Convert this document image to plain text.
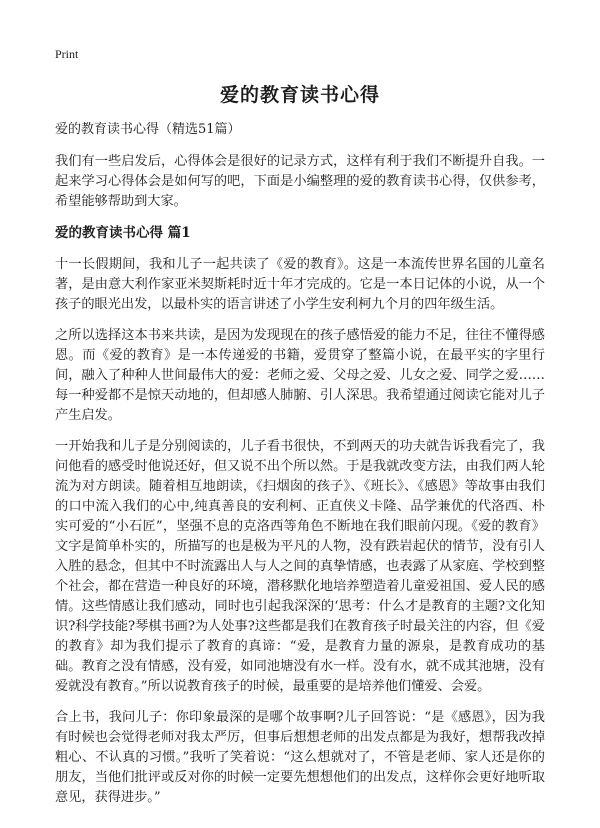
Print
爱的教育读书心得
爱的教育读书心得（精选51篇）

我们有一些启发后，心得体会是很好的记录方式，这样有利于我们不断提升自我。一起来学习心得体会是如何写的吧，下面是小编整理的爱的教育读书心得，仅供参考，希望能够帮助到大家。

爱的教育读书心得 篇1

十一长假期间，我和儿子一起共读了《爱的教育》。这是一本流传世界名国的儿童名著，是由意大利作家亚米契斯耗时近十年才完成的。它是一本日记体的小说，从一个孩子的眼光出发，以最朴实的语言讲述了小学生安利柯九个月的四年级生活。

之所以选择这本书来共读，是因为发现现在的孩子感悟爱的能力不足，往往不懂得感恩。而《爱的教育》是一本传递爱的书籍，爱贯穿了整篇小说，在最平实的字里行间，融入了种种人世间最伟大的爱：老师之爱、父母之爱、儿女之爱、同学之爱……每一种爱都不是惊天动地的，但却感人肺腑、引人深思。我希望通过阅读它能对儿子产生启发。

一开始我和儿子是分别阅读的，儿子看书很快，不到两天的功夫就告诉我看完了，我问他看的感受时他说还好，但又说不出个所以然。于是我就改变方法，由我们两人轮流为对方朗读。随着相互地朗读，《扫烟囱的孩子》、《班长》、《感恩》等故事由我们的口中流入我们的心中,纯真善良的安利柯、正直侠义卡隆、品学兼优的代洛西、朴实可爱的“小石匠”，坚强不息的克洛西等角色不断地在我们眼前闪现。《爱的教育》文字是简单朴实的，所描写的也是极为平凡的人物，没有跌岩起伏的情节，没有引人入胜的悬念，但其中不时流露出人与人之间的真挚情感，也表露了从家庭、学校到整个社会，都在营造一种良好的环境，潜移默化地培养塑造着儿童爱祖国、爱人民的感情。这些情感让我们感动，同时也引起我深深的‘思考：什么才是教育的主题?文化知识?科学技能?琴棋书画?为人处事?这些都是我们在教育孩子时最关注的内容，但《爱的教育》却为我们提示了教育的真谛：“爱，是教育力量的源泉，是教育成功的基础。教育之没有情感，没有爱，如同池塘没有水一样。没有水，就不成其池塘，没有爱就没有教育。”所以说教育孩子的时候，最重要的是培养他们懂爱、会爱。

合上书，我问儿子：你印象最深的是哪个故事啊?儿子回答说：“是《感恩》，因为我有时候也会觉得老师对我太严厉，但事后想想老师的出发点都是为我好，想帮我改掉粗心、不认真的习惯。”我听了笑着说：“这么想就对了，不管是老师、家人还是你的朋友，当他们批评或反对你的时候一定要先想想他们的出发点，这样你会更好地听取意见，获得进步。”
